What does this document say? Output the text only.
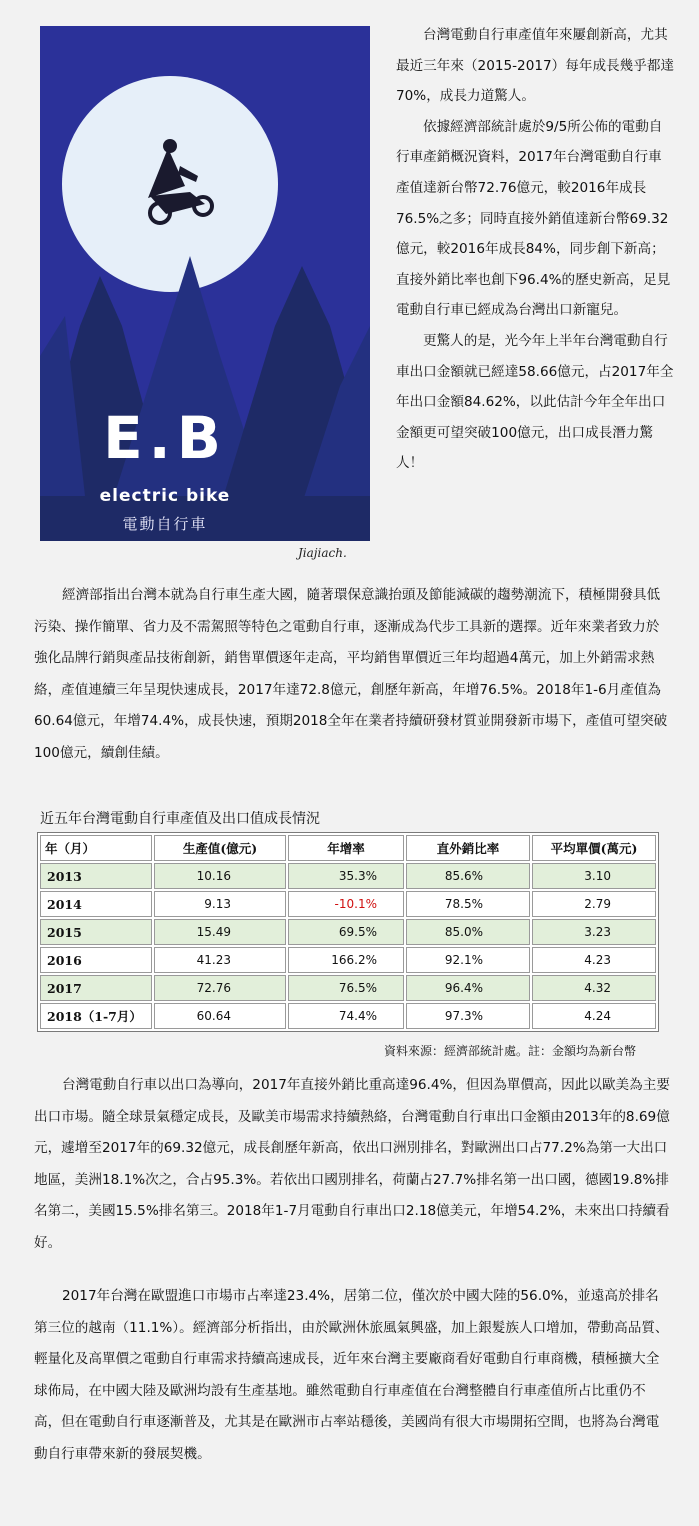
E.B
electric bike
電動自行車
Jiajiach.

台灣電動自行車產值年來屢創新高，尤其最近三年來（2015-2017）每年成長幾乎都達70%，成長力道驚人。

依據經濟部統計處於9/5所公佈的電動自行車產銷概況資料，2017年台灣電動自行車產值達新台幣72.76億元，較2016年成長76.5%之多；同時直接外銷值達新台幣69.32億元，較2016年成長84%，同步創下新高；直接外銷比率也創下96.4%的歷史新高，足見電動自行車已經成為台灣出口新寵兒。

更驚人的是，光今年上半年台灣電動自行車出口金額就已經達58.66億元，占2017年全年出口金額84.62%，以此估計今年全年出口金額更可望突破100億元，出口成長潛力驚人！

經濟部指出台灣本就為自行車生產大國，隨著環保意識抬頭及節能減碳的趨勢潮流下，積極開發具低污染、操作簡單、省力及不需駕照等特色之電動自行車，逐漸成為代步工具新的選擇。近年來業者致力於強化品牌行銷與產品技術創新，銷售單價逐年走高，平均銷售單價近三年均超過4萬元，加上外銷需求熱絡，產值連續三年呈現快速成長，2017年達72.8億元，創歷年新高，年增76.5%。2018年1-6月產值為60.64億元，年增74.4%，成長快速，預期2018全年在業者持續研發材質並開發新市場下，產值可望突破100億元，續創佳績。

近五年台灣電動自行車產值及出口值成長情況
年（月）	生產值(億元)	年增率	直外銷比率	平均單價(萬元)
2013	10.16	35.3%	85.6%	3.10
2014	9.13	-10.1%	78.5%	2.79
2015	15.49	69.5%	85.0%	3.23
2016	41.23	166.2%	92.1%	4.23
2017	72.76	76.5%	96.4%	4.32
2018（1-7月）	60.64	74.4%	97.3%	4.24
資料來源：經濟部統計處。註：金額均為新台幣

台灣電動自行車以出口為導向，2017年直接外銷比重高達96.4%，但因為單價高，因此以歐美為主要出口市場。隨全球景氣穩定成長，及歐美市場需求持續熱絡，台灣電動自行車出口金額由2013年的8.69億元，遽增至2017年的69.32億元，成長創歷年新高，依出口洲別排名，對歐洲出口占77.2%為第一大出口地區，美洲18.1%次之，合占95.3%。若依出口國別排名，荷蘭占27.7%排名第一出口國，德國19.8%排名第二，美國15.5%排名第三。2018年1-7月電動自行車出口2.18億美元，年增54.2%，未來出口持續看好。

2017年台灣在歐盟進口市場市占率達23.4%，居第二位，僅次於中國大陸的56.0%，並遠高於排名第三位的越南（11.1%）。經濟部分析指出，由於歐洲休旅風氣興盛，加上銀髮族人口增加，帶動高品質、輕量化及高單價之電動自行車需求持續高速成長，近年來台灣主要廠商看好電動自行車商機，積極擴大全球佈局，在中國大陸及歐洲均設有生產基地。雖然電動自行車產值在台灣整體自行車產值所占比重仍不高，但在電動自行車逐漸普及，尤其是在歐洲市占率站穩後，美國尚有很大市場開拓空間，也將為台灣電動自行車帶來新的發展契機。
